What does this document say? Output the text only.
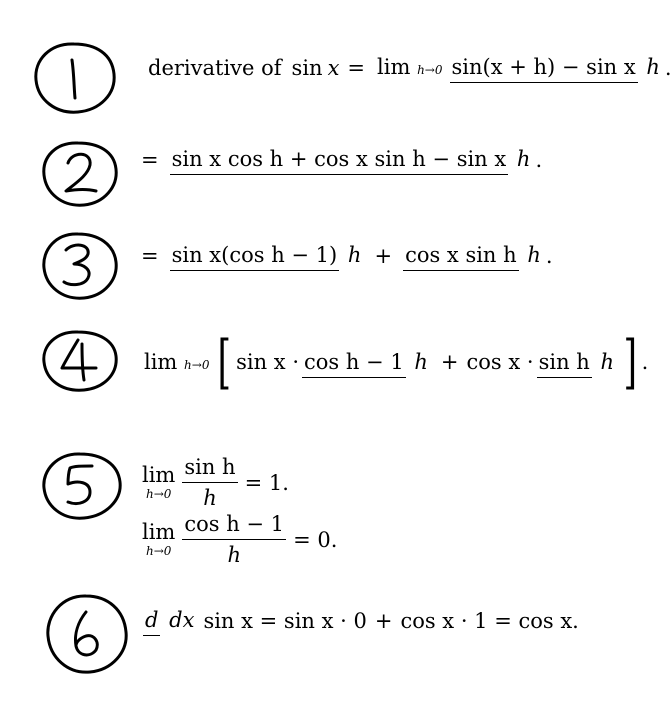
derivative of sin x = lim h→0 sin(x + h) − sin x h .
= sin x cos h + cos x sin h − sin x h .
= sin x(cos h − 1) h + cos x sin h h .
lim h→0 [ sin x · cos h − 1 h + cos x · sin h h ] .
lim
$h\to 0 \frac{\text{sin h}}{h} = 1$.
lim
$h\to 0 \frac{\text{cos h − 1}}{h} = 0$.
d dx sin x = sin x · 0 + cos x · 1 = cos x.
